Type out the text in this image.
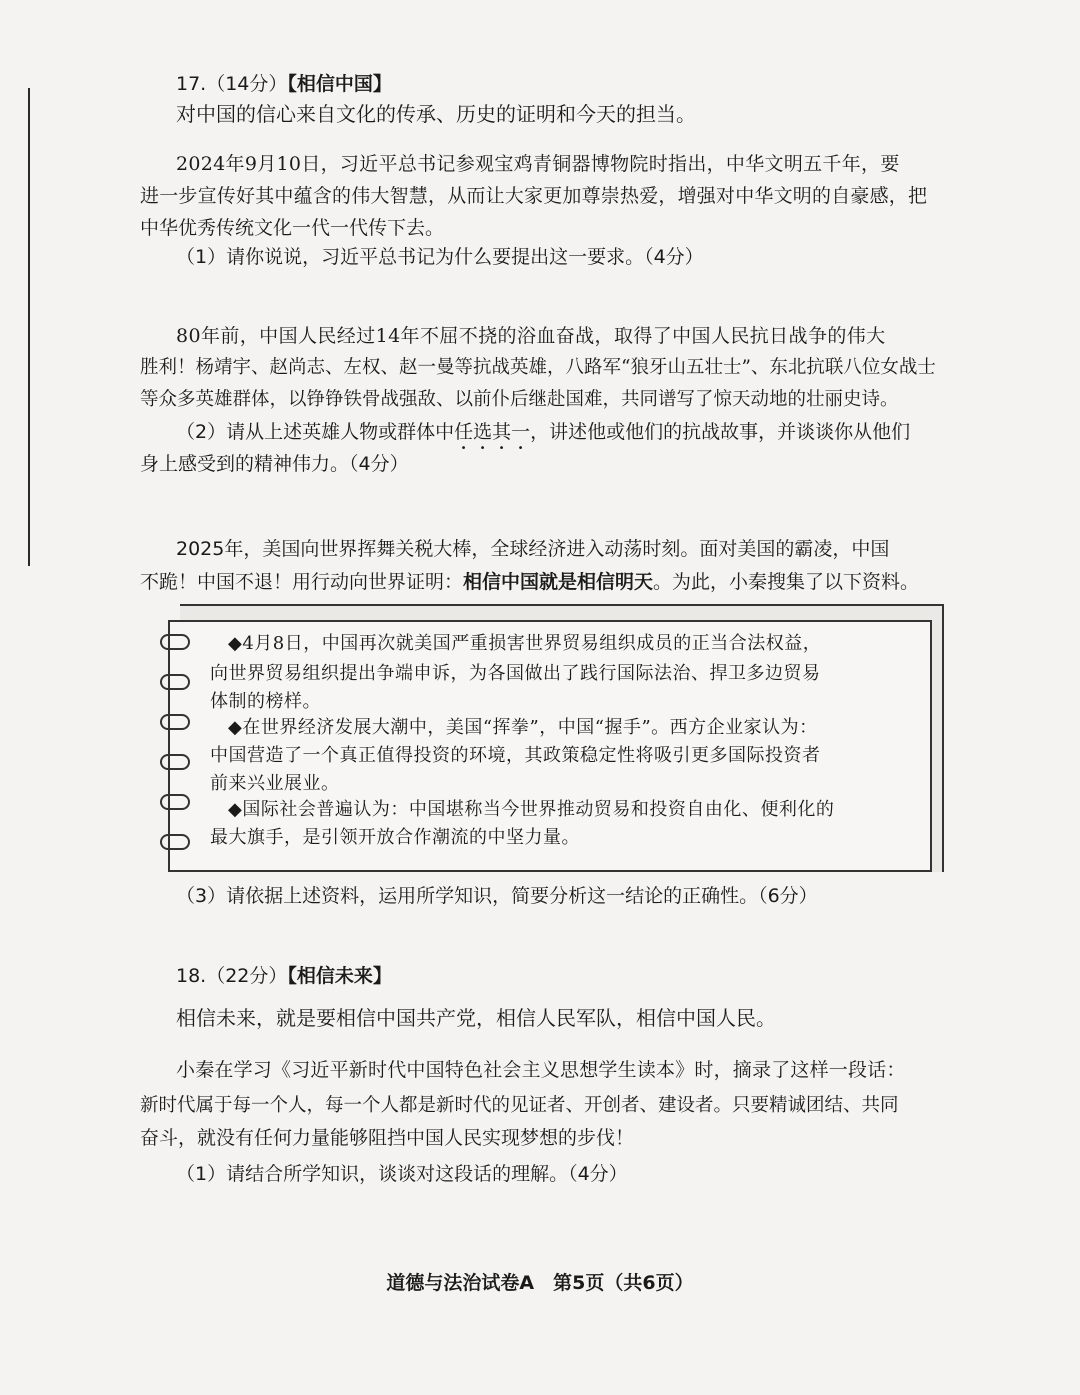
17.（14分）【相信中国】
对中国的信心来自文化的传承、历史的证明和今天的担当。
2024年9月10日，习近平总书记参观宝鸡青铜器博物院时指出，中华文明五千年，要
进一步宣传好其中蕴含的伟大智慧，从而让大家更加尊崇热爱，增强对中华文明的自豪感，把
中华优秀传统文化一代一代传下去。
（1）请你说说，习近平总书记为什么要提出这一要求。（4分）
80年前，中国人民经过14年不屈不挠的浴血奋战，取得了中国人民抗日战争的伟大
胜利！杨靖宇、赵尚志、左权、赵一曼等抗战英雄，八路军“狼牙山五壮士”、东北抗联八位女战士
等众多英雄群体，以铮铮铁骨战强敌、以前仆后继赴国难，共同谱写了惊天动地的壮丽史诗。
（2）请从上述英雄人物或群体中任选其一，讲述他或他们的抗战故事，并谈谈你从他们
身上感受到的精神伟力。（4分）
2025年，美国向世界挥舞关税大棒，全球经济进入动荡时刻。面对美国的霸凌，中国
不跪！中国不退！用行动向世界证明：相信中国就是相信明天。为此，小秦搜集了以下资料。
◆4月8日，中国再次就美国严重损害世界贸易组织成员的正当合法权益，
向世界贸易组织提出争端申诉，为各国做出了践行国际法治、捍卫多边贸易
体制的榜样。
◆在世界经济发展大潮中，美国“挥拳”，中国“握手”。西方企业家认为：
中国营造了一个真正值得投资的环境，其政策稳定性将吸引更多国际投资者
前来兴业展业。
◆国际社会普遍认为：中国堪称当今世界推动贸易和投资自由化、便利化的
最大旗手，是引领开放合作潮流的中坚力量。
（3）请依据上述资料，运用所学知识，简要分析这一结论的正确性。（6分）
18.（22分）【相信未来】
相信未来，就是要相信中国共产党，相信人民军队，相信中国人民。
小秦在学习《习近平新时代中国特色社会主义思想学生读本》时，摘录了这样一段话：
新时代属于每一个人，每一个人都是新时代的见证者、开创者、建设者。只要精诚团结、共同
奋斗，就没有任何力量能够阻挡中国人民实现梦想的步伐！
（1）请结合所学知识，谈谈对这段话的理解。（4分）
道德与法治试卷A　第5页（共6页）
